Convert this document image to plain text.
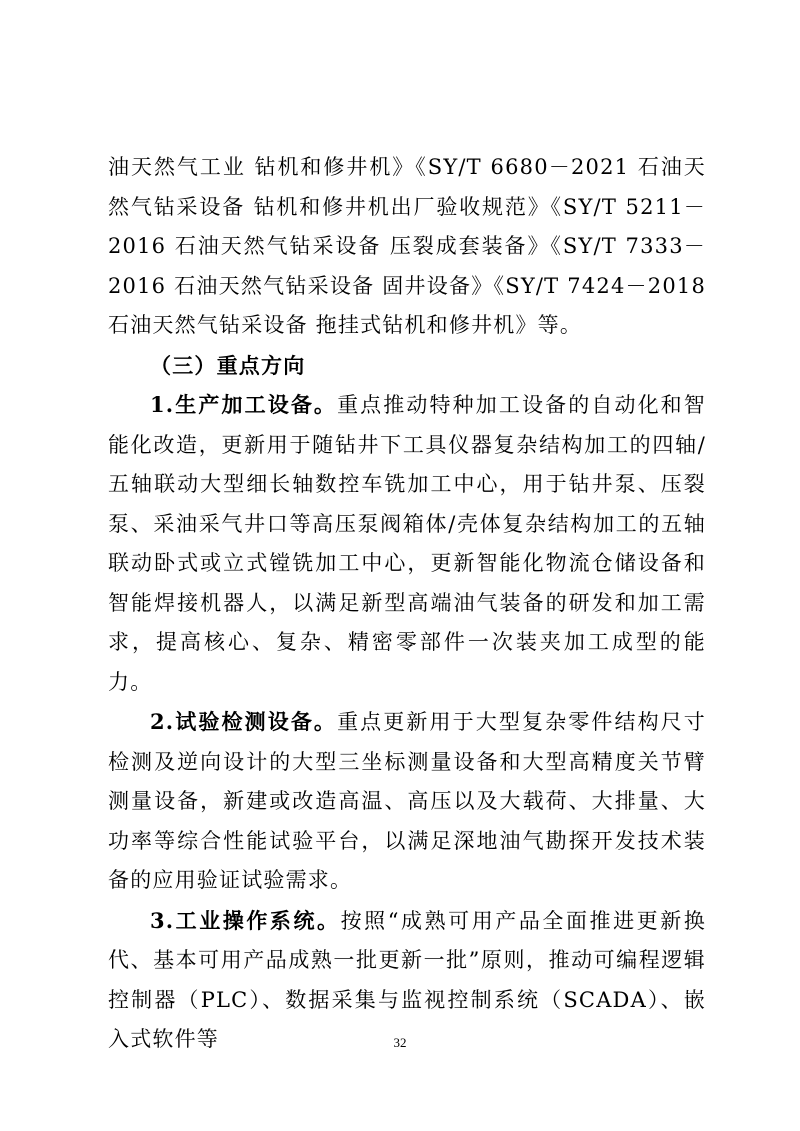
油天然气工业 钻机和修井机》《SY/T 6680－2021 石油天然气钻采设备 钻机和修井机出厂验收规范》《SY/T 5211－2016 石油天然气钻采设备 压裂成套装备》《SY/T 7333－2016 石油天然气钻采设备 固井设备》《SY/T 7424－2018 石油天然气钻采设备 拖挂式钻机和修井机》等。

（三）重点方向

1.生产加工设备。重点推动特种加工设备的自动化和智能化改造，更新用于随钻井下工具仪器复杂结构加工的四轴/五轴联动大型细长轴数控车铣加工中心，用于钻井泵、压裂泵、采油采气井口等高压泵阀箱体/壳体复杂结构加工的五轴联动卧式或立式镗铣加工中心，更新智能化物流仓储设备和智能焊接机器人，以满足新型高端油气装备的研发和加工需求，提高核心、复杂、精密零部件一次装夹加工成型的能力。

2.试验检测设备。重点更新用于大型复杂零件结构尺寸检测及逆向设计的大型三坐标测量设备和大型高精度关节臂测量设备，新建或改造高温、高压以及大载荷、大排量、大功率等综合性能试验平台，以满足深地油气勘探开发技术装备的应用验证试验需求。

3.工业操作系统。按照“成熟可用产品全面推进更新换代、基本可用产品成熟一批更新一批”原则，推动可编程逻辑控制器（PLC）、数据采集与监视控制系统（SCADA）、嵌入式软件等	32
